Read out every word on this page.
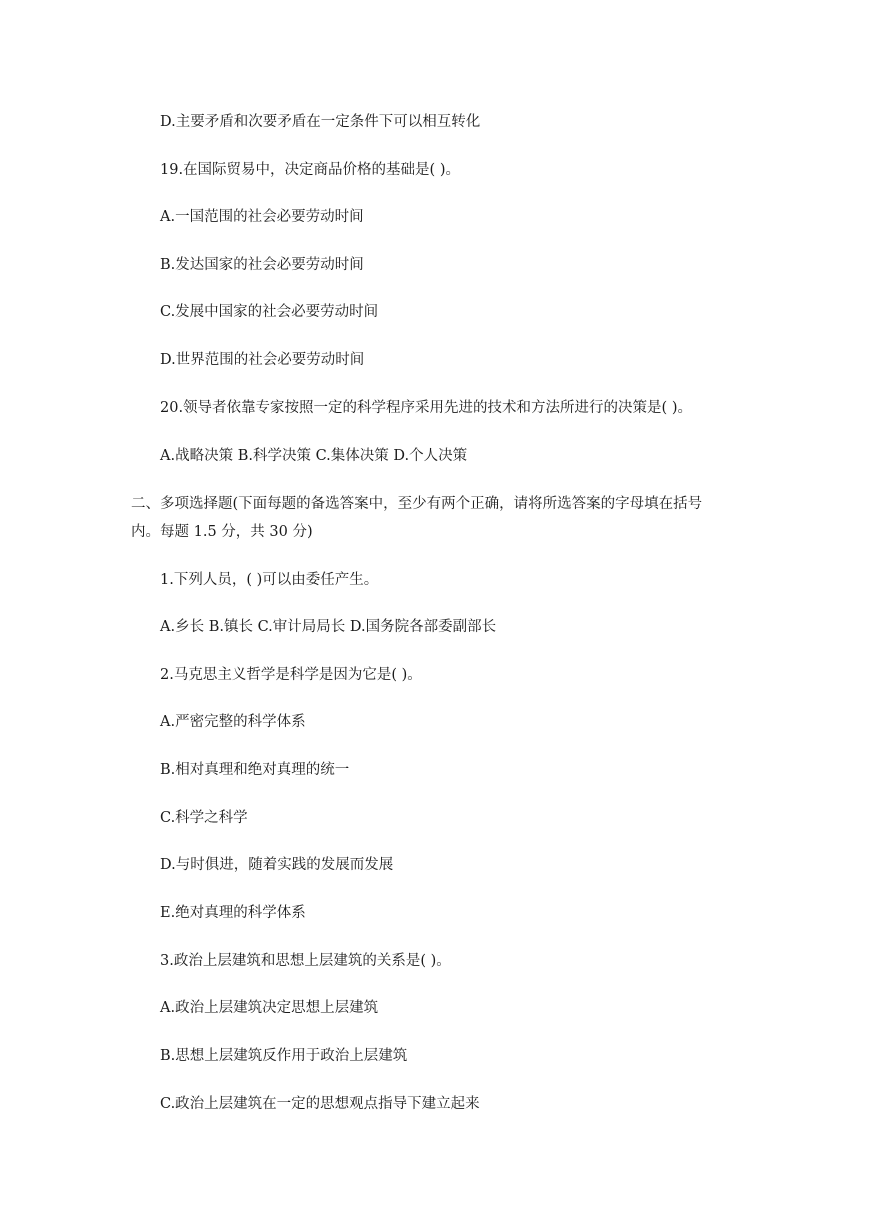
D.主要矛盾和次要矛盾在一定条件下可以相互转化
19.在国际贸易中，决定商品价格的基础是( )。
A.一国范围的社会必要劳动时间
B.发达国家的社会必要劳动时间
C.发展中国家的社会必要劳动时间
D.世界范围的社会必要劳动时间
20.领导者依靠专家按照一定的科学程序采用先进的技术和方法所进行的决策是( )。
A.战略决策 B.科学决策 C.集体决策 D.个人决策
二、多项选择题(下面每题的备选答案中，至少有两个正确，请将所选答案的字母填在括号
内。每题 1.5 分，共 30 分)
1.下列人员，( )可以由委任产生。
A.乡长 B.镇长 C.审计局局长 D.国务院各部委副部长
2.马克思主义哲学是科学是因为它是( )。
A.严密完整的科学体系
B.相对真理和绝对真理的统一
C.科学之科学
D.与时俱进，随着实践的发展而发展
E.绝对真理的科学体系
3.政治上层建筑和思想上层建筑的关系是( )。
A.政治上层建筑决定思想上层建筑
B.思想上层建筑反作用于政治上层建筑
C.政治上层建筑在一定的思想观点指导下建立起来
